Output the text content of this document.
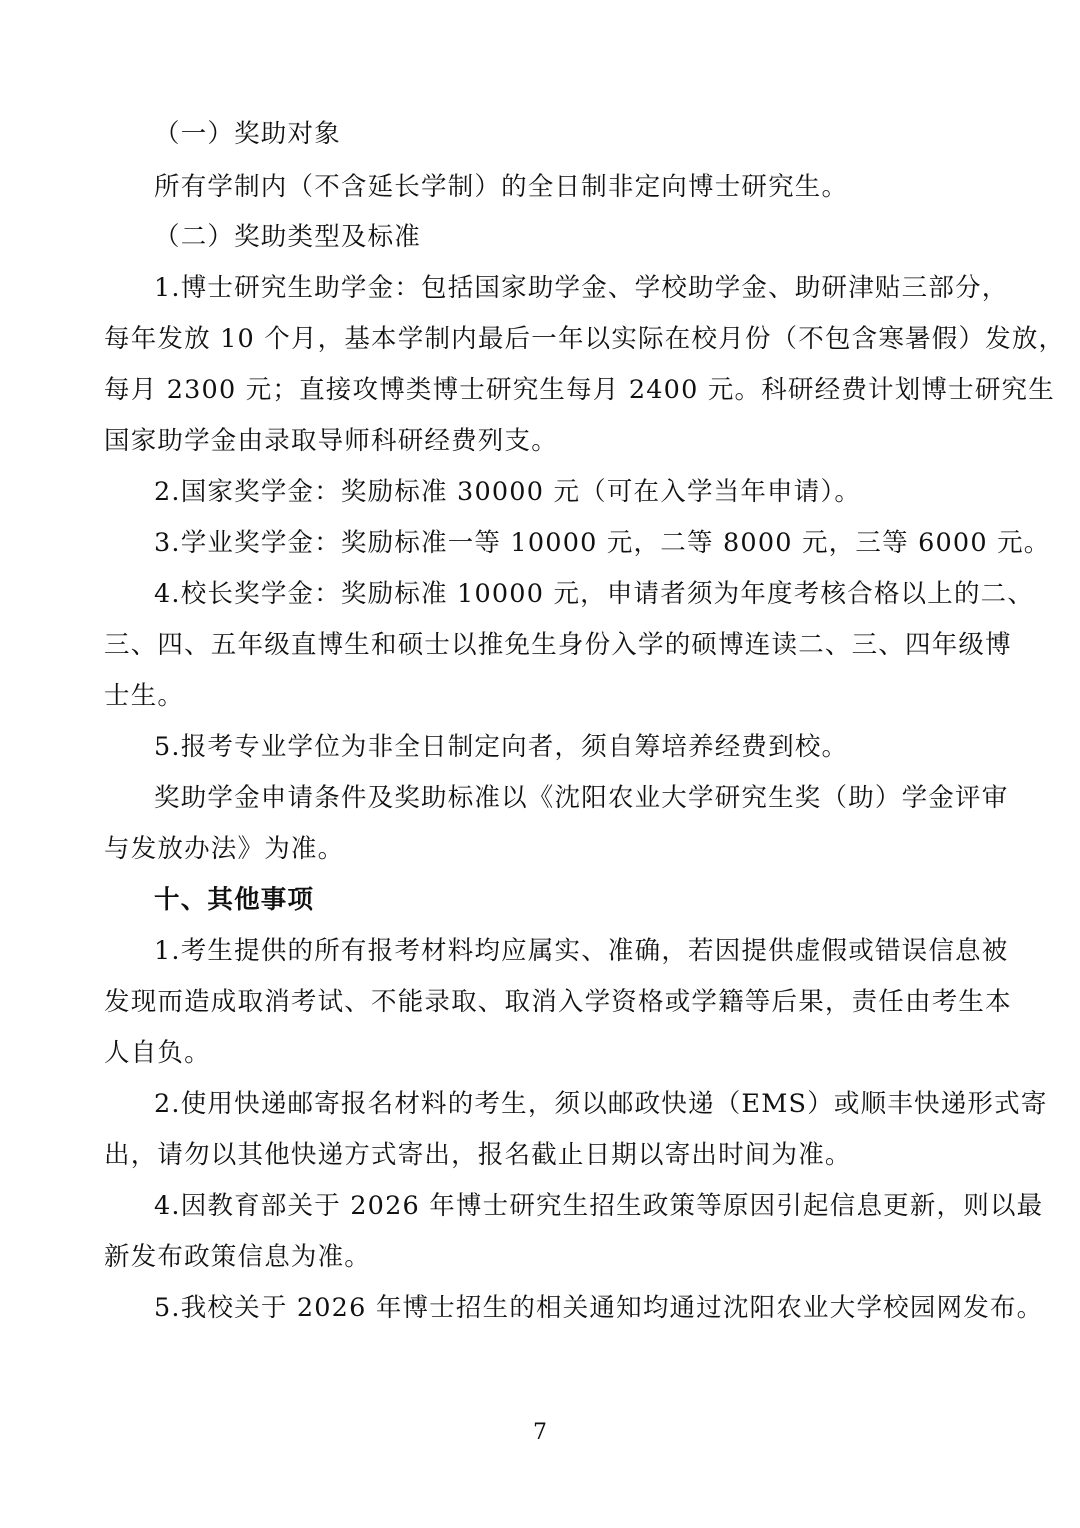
（一）奖助对象
所有学制内（不含延长学制）的全日制非定向博士研究生。
（二）奖助类型及标准
1.博士研究生助学金：包括国家助学金、学校助学金、助研津贴三部分，
每年发放 10 个月，基本学制内最后一年以实际在校月份（不包含寒暑假）发放，
每月 2300 元；直接攻博类博士研究生每月 2400 元。科研经费计划博士研究生
国家助学金由录取导师科研经费列支。
2.国家奖学金：奖励标准 30000 元（可在入学当年申请）。
3.学业奖学金：奖励标准一等 10000 元，二等 8000 元，三等 6000 元。
4.校长奖学金：奖励标准 10000 元，申请者须为年度考核合格以上的二、
三、四、五年级直博生和硕士以推免生身份入学的硕博连读二、三、四年级博
士生。
5.报考专业学位为非全日制定向者，须自筹培养经费到校。
奖助学金申请条件及奖助标准以《沈阳农业大学研究生奖（助）学金评审
与发放办法》为准。
十、其他事项
1.考生提供的所有报考材料均应属实、准确，若因提供虚假或错误信息被
发现而造成取消考试、不能录取、取消入学资格或学籍等后果，责任由考生本
人自负。
2.使用快递邮寄报名材料的考生，须以邮政快递（EMS）或顺丰快递形式寄
出，请勿以其他快递方式寄出，报名截止日期以寄出时间为准。
4.因教育部关于 2026 年博士研究生招生政策等原因引起信息更新，则以最
新发布政策信息为准。
5.我校关于 2026 年博士招生的相关通知均通过沈阳农业大学校园网发布。
7
